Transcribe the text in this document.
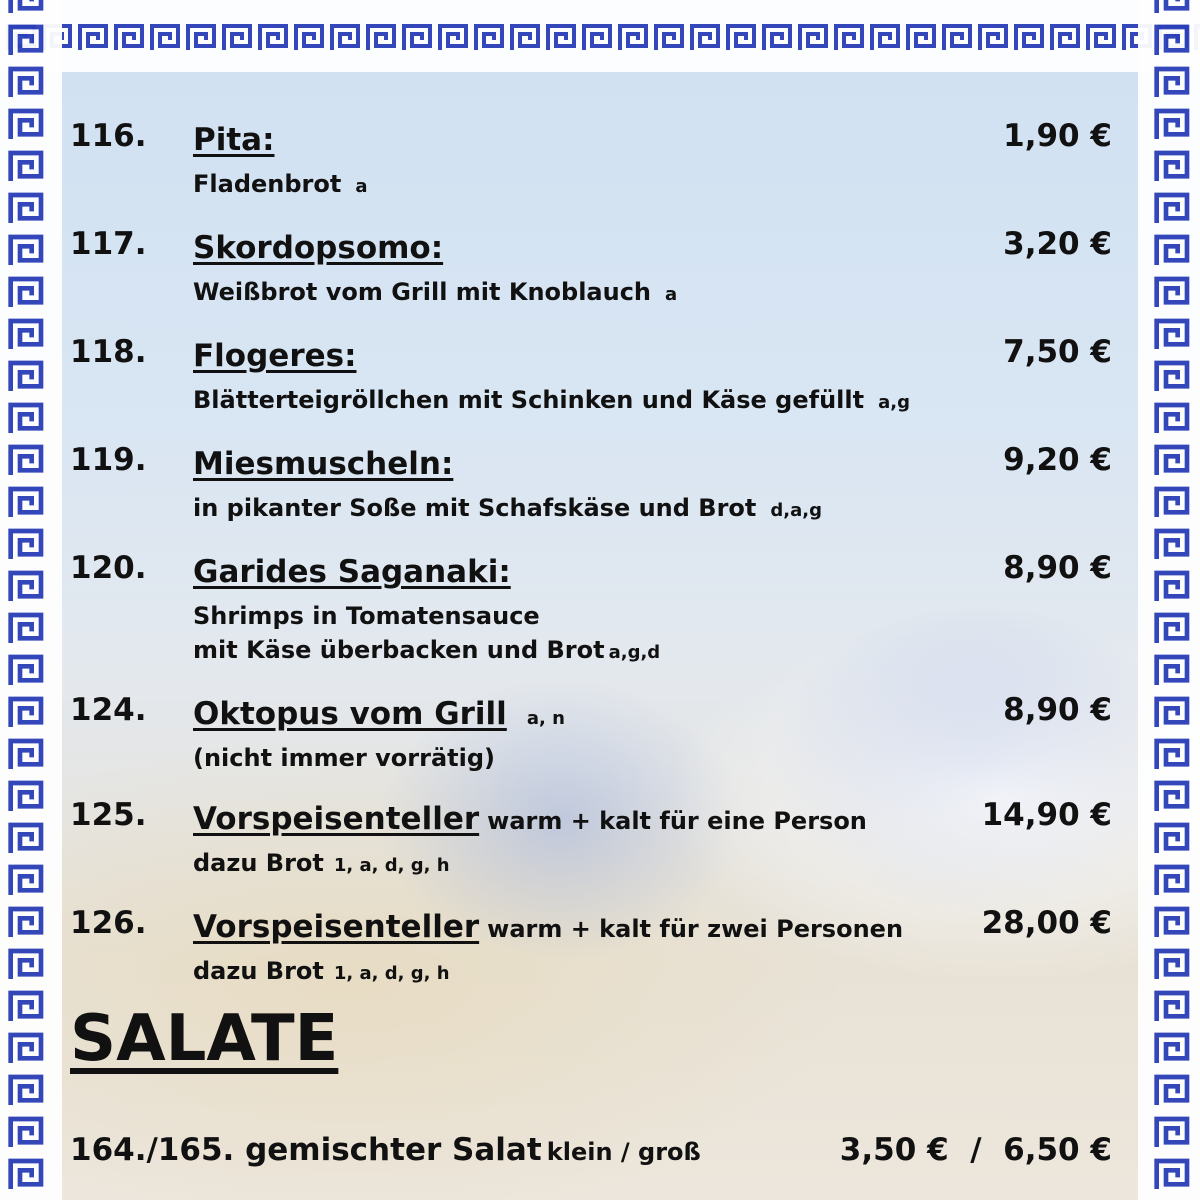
116. Pita:
Fladenbrot a
1,90 €
117. Skordopsomo:
Weißbrot vom Grill mit Knoblauch a
3,20 €
118. Flogeres:
Blätterteigröllchen mit Schinken und Käse gefüllt a,g
7,50 €
119. Miesmuscheln:
in pikanter Soße mit Schafskäse und Brot d,a,g
9,20 €
120. Garides Saganaki:
Shrimps in Tomatensauce
mit Käse überbacken und Brot a,g,d
8,90 €
124. Oktopus vom Grill a, n
(nicht immer vorrätig)
8,90 €
125. Vorspeisenteller warm + kalt für eine Person
dazu Brot 1, a, d, g, h
14,90 €
126. Vorspeisenteller warm + kalt für zwei Personen
dazu Brot 1, a, d, g, h
28,00 €
SALATE
164./165. gemischter Salat klein / groß	3,50 €  /  6,50 €
